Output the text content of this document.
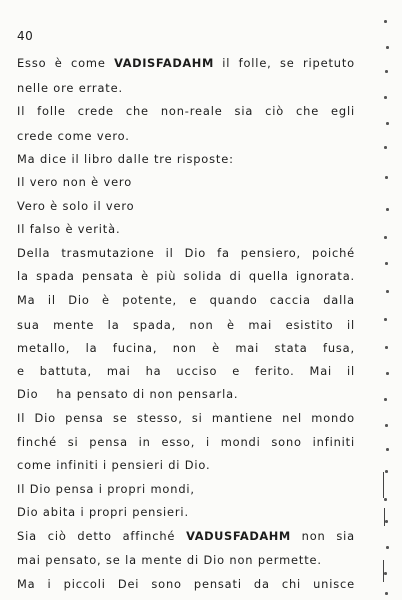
40
Esso è come VADISFADAHM il folle, se ripetuto
nelle ore errate.
Il folle crede che non-reale sia ciò che egli
crede come vero.
Ma dice il libro dalle tre risposte:
Il vero non è vero
Vero è solo il vero
Il falso è verità.
Della trasmutazione il Dio fa pensiero, poiché
la spada pensata è più solida di quella ignorata.
Ma il Dio è potente, e quando caccia dalla
sua mente la spada, non è mai esistito il
metallo, la fucina, non è mai stata fusa,
e battuta, mai ha ucciso e ferito. Mai il
Dio    ha pensato di non pensarla.
Il Dio pensa se stesso, si mantiene nel mondo
finché si pensa in esso, i mondi sono infiniti
come infiniti i pensieri di Dio.
Il Dio pensa i propri mondi,
Dio abita i propri pensieri.
Sia ciò detto affinché VADUSFADAHM non sia
mai pensato, se la mente di Dio non permette.
Ma i piccoli Dei sono pensati da chi unisce
